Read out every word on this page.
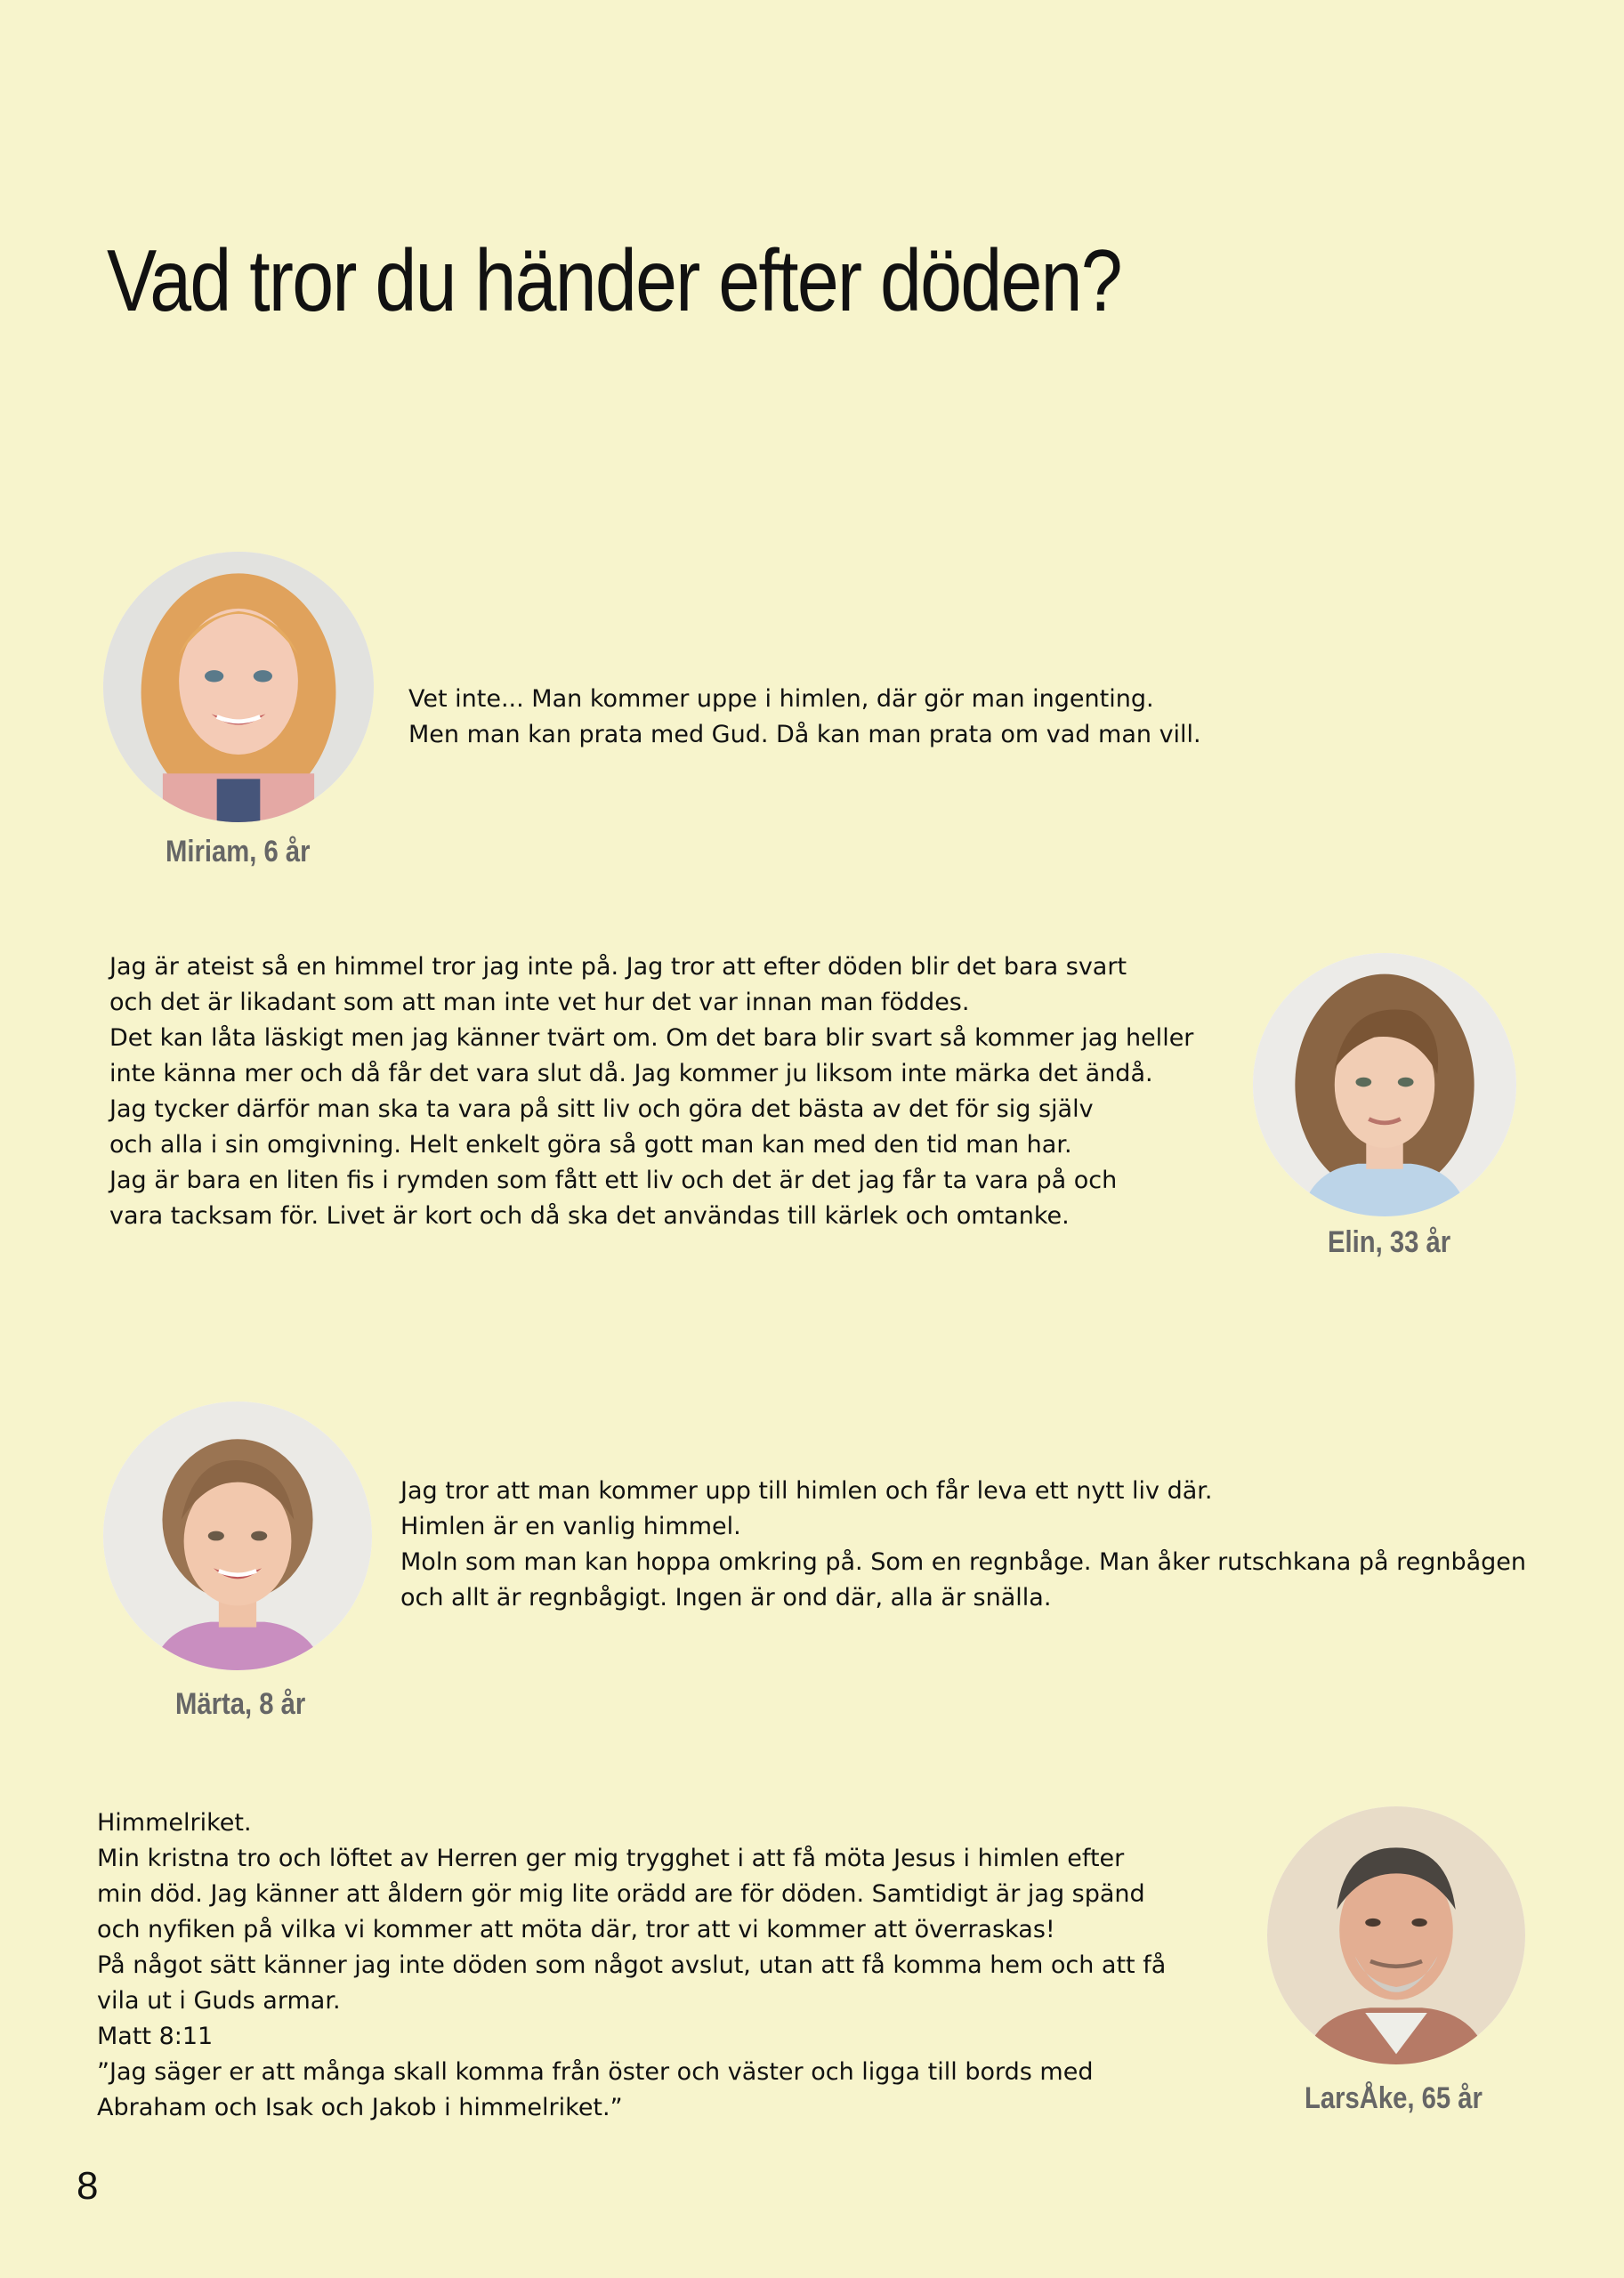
Vad tror du händer efter döden?
Miriam, 6 år
Vet inte... Man kommer uppe i himlen, där gör man ingenting.
Men man kan prata med Gud. Då kan man prata om vad man vill.
Jag är ateist så en himmel tror jag inte på. Jag tror att efter döden blir det bara svart
och det är likadant som att man inte vet hur det var innan man föddes.
Det kan låta läskigt men jag känner tvärt om. Om det bara blir svart så kommer jag heller
inte känna mer och då får det vara slut då. Jag kommer ju liksom inte märka det ändå.
Jag tycker därför man ska ta vara på sitt liv och göra det bästa av det för sig själv
och alla i sin omgivning. Helt enkelt göra så gott man kan med den tid man har.
Jag är bara en liten fis i rymden som fått ett liv och det är det jag får ta vara på och
vara tacksam för. Livet är kort och då ska det användas till kärlek och omtanke.
Elin, 33 år
Jag tror att man kommer upp till himlen och får leva ett nytt liv där.
Himlen är en vanlig himmel.
Moln som man kan hoppa omkring på. Som en regnbåge. Man åker rutschkana på regnbågen
och allt är regnbågigt. Ingen är ond där, alla är snälla.
Märta, 8 år
Himmelriket.
Min kristna tro och löftet av Herren ger mig trygghet i att få möta Jesus i himlen efter
min död. Jag känner att åldern gör mig lite orädd are för döden. Samtidigt är jag spänd
och nyfiken på vilka vi kommer att möta där, tror att vi kommer att överraskas!
På något sätt känner jag inte döden som något avslut, utan att få komma hem och att få
vila ut i Guds armar.
Matt 8:11
”Jag säger er att många skall komma från öster och väster och ligga till bords med
Abraham och Isak och Jakob i himmelriket.”	LarsÅke, 65 år
8
